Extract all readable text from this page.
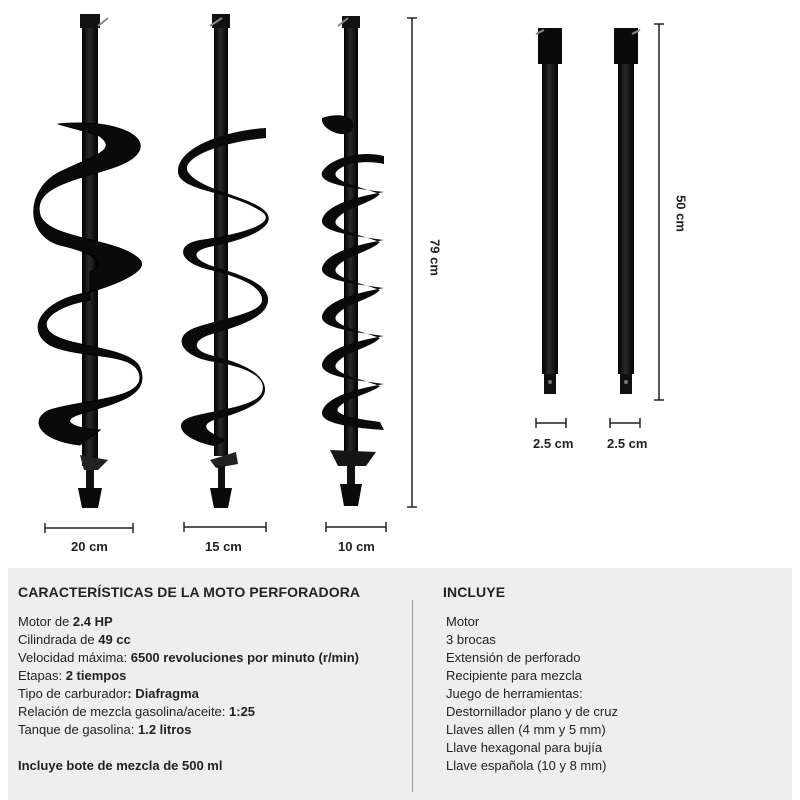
20 cm	15 cm	10 cm
2.5 cm	2.5 cm
79 cm
50 cm
CARACTERÍSTICAS DE LA MOTO PERFORADORA
Motor de 2.4 HP
Cilindrada de 49 cc
Velocidad máxima: 6500 revoluciones por minuto (r/min)
Etapas: 2 tiempos
Tipo de carburador: Diafragma
Relación de mezcla gasolina/aceite: 1:25
Tanque de gasolina: 1.2 litros
Incluye bote de mezcla de 500 ml
INCLUYE
Motor
3 brocas
Extensión de perforado
Recipiente para mezcla
Juego de herramientas:
Destornillador plano y de cruz
Llaves allen (4 mm y 5 mm)
Llave hexagonal para bujía
Llave española (10 y 8 mm)
